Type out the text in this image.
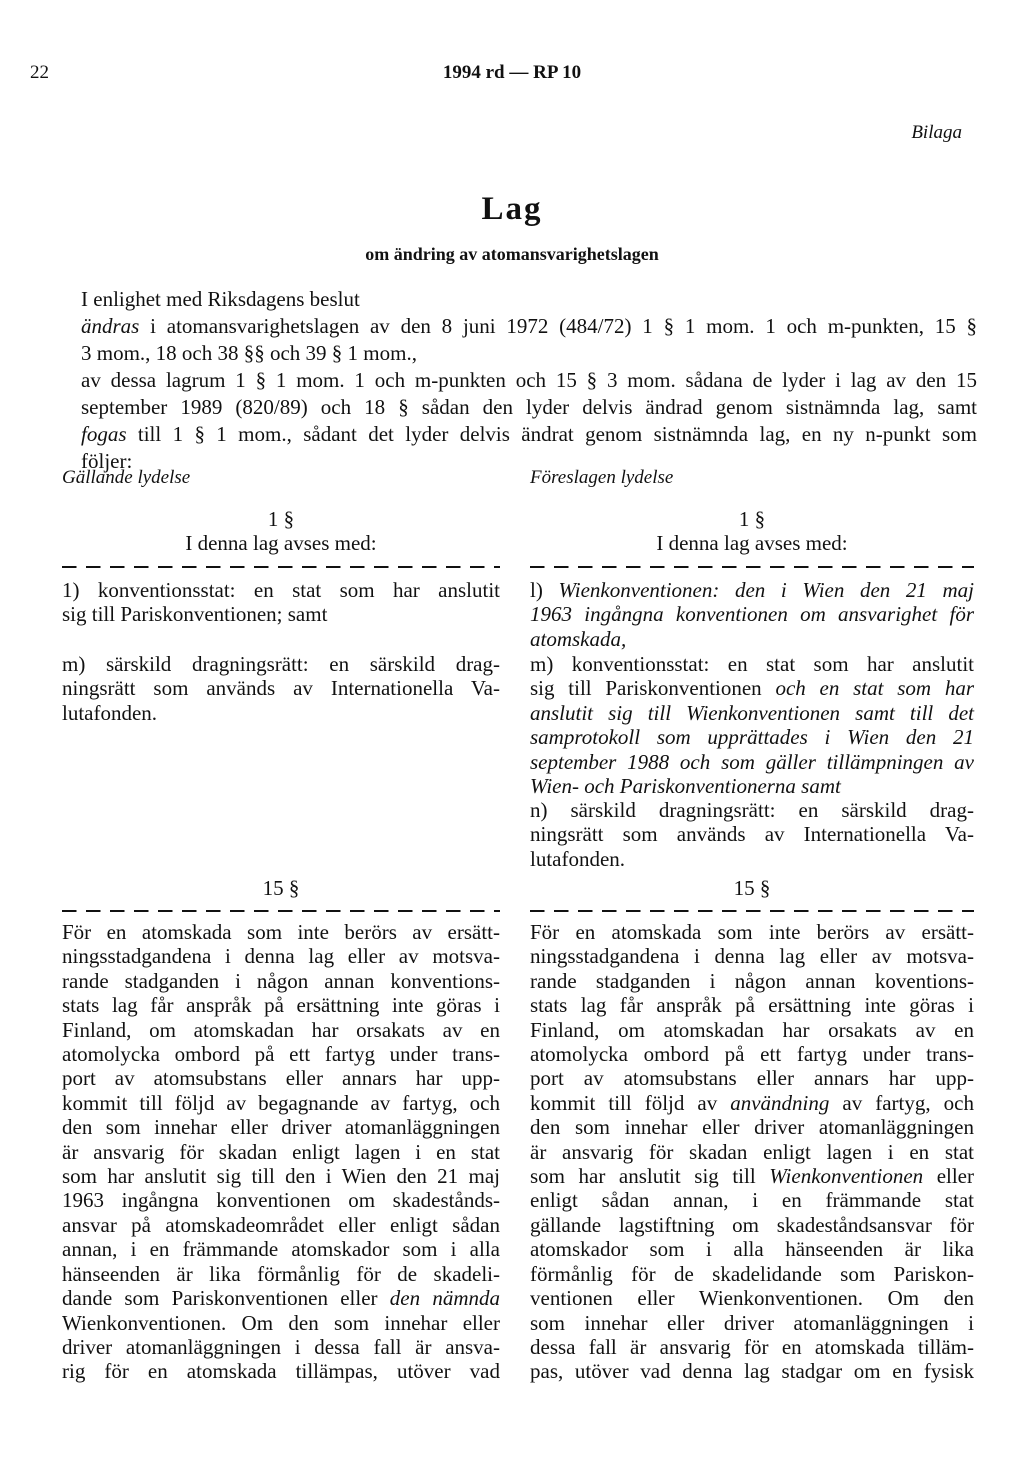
22	1994 rd — RP 10
Bilaga
Lag
om ändring av atomansvarighetslagen
I enlighet med Riksdagens beslut
ändras i atomansvarighetslagen av den 8 juni 1972 (484/72) 1 § 1 mom. 1 och m-punkten, 15 §
3 mom., 18 och 38 §§ och 39 § 1 mom.,
av dessa lagrum 1 § 1 mom. 1 och m-punkten och 15 § 3 mom. sådana de lyder i lag av den 15
september 1989 (820/89) och 18 § sådan den lyder delvis ändrad genom sistnämnda lag, samt
fogas till 1 § 1 mom., sådant det lyder delvis ändrat genom sistnämnda lag, en ny n-punkt som
följer:
Gällande lydelse	Föreslagen lydelse
1 §
I denna lag avses med:
1) konventionsstat: en stat som har anslutit
sig till Pariskonventionen; samt
m) särskild dragningsrätt: en särskild drag-
ningsrätt som används av Internationella Va-
lutafonden.
15 §
För en atomskada som inte berörs av ersätt-
ningsstadgandena i denna lag eller av motsva-
rande stadganden i någon annan konventions-
stats lag får anspråk på ersättning inte göras i
Finland, om atomskadan har orsakats av en
atomolycka ombord på ett fartyg under trans-
port av atomsubstans eller annars har upp-
kommit till följd av begagnande av fartyg, och
den som innehar eller driver atomanläggningen
är ansvarig för skadan enligt lagen i en stat
som har anslutit sig till den i Wien den 21 maj
1963 ingångna konventionen om skadestånds-
ansvar på atomskadeområdet eller enligt sådan
annan, i en främmande atomskador som i alla
hänseenden är lika förmånlig för de skadeli-
dande som Pariskonventionen eller den nämnda
Wienkonventionen. Om den som innehar eller
driver atomanläggningen i dessa fall är ansva-
rig för en atomskada tillämpas, utöver vad
1 §
I denna lag avses med:
l) Wienkonventionen: den i Wien den 21 maj
1963 ingångna konventionen om ansvarighet för
atomskada,
m) konventionsstat: en stat som har anslutit
sig till Pariskonventionen och en stat som har
anslutit sig till Wienkonventionen samt till det
samprotokoll som upprättades i Wien den 21
september 1988 och som gäller tillämpningen av
Wien- och Pariskonventionerna samt
n) särskild dragningsrätt: en särskild drag-
ningsrätt som används av Internationella Va-
lutafonden.
15 §
För en atomskada som inte berörs av ersätt-
ningsstadgandena i denna lag eller av motsva-
rande stadganden i någon annan koventions-
stats lag får anspråk på ersättning inte göras i
Finland, om atomskadan har orsakats av en
atomolycka ombord på ett fartyg under trans-
port av atomsubstans eller annars har upp-
kommit till följd av användning av fartyg, och
den som innehar eller driver atomanläggningen
är ansvarig för skadan enligt lagen i en stat
som har anslutit sig till Wienkonventionen eller
enligt sådan annan, i en främmande stat
gällande lagstiftning om skadeståndsansvar för
atomskador som i alla hänseenden är lika
förmånlig för de skadelidande som Pariskon-
ventionen eller Wienkonventionen. Om den
som innehar eller driver atomanläggningen i
dessa fall är ansvarig för en atomskada tilläm-
pas, utöver vad denna lag stadgar om en fysisk
